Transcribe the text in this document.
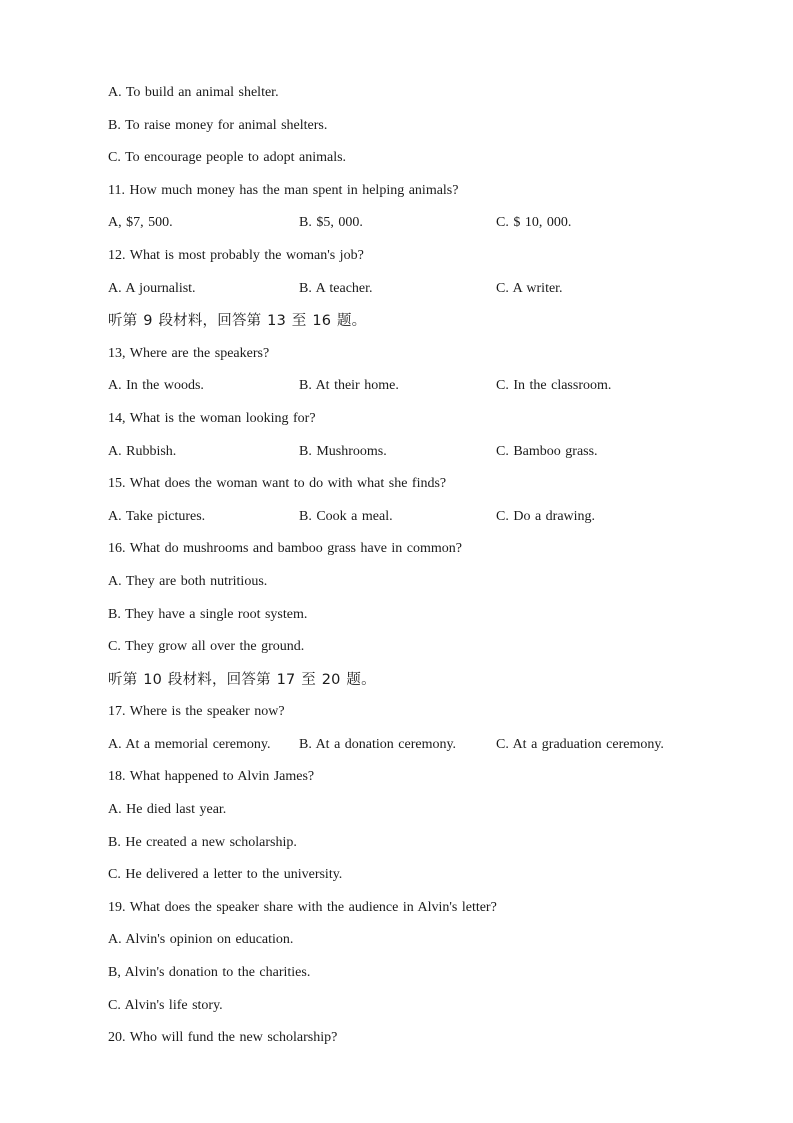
A. To build an animal shelter.
B. To raise money for animal shelters.
C. To encourage people to adopt animals.
11. How much money has the man spent in helping animals?
A, $7, 500.	B. $5, 000.	C. $ 10, 000.
12. What is most probably the woman's job?
A. A journalist.	B. A teacher.	C. A writer.
听第 9 段材料，回答第 13 至 16 题。
13, Where are the speakers?
A. In the woods.	B. At their home.	C. In the classroom.
14, What is the woman looking for?
A. Rubbish.	B. Mushrooms.	C. Bamboo grass.
15. What does the woman want to do with what she finds?
A. Take pictures.	B. Cook a meal.	C. Do a drawing.
16. What do mushrooms and bamboo grass have in common?
A. They are both nutritious.
B. They have a single root system.
C. They grow all over the ground.
听第 10 段材料，回答第 17 至 20 题。
17. Where is the speaker now?
A. At a memorial ceremony. B. At a donation ceremony.	C. At a graduation ceremony.
18. What happened to Alvin James?
A. He died last year.
B. He created a new scholarship.
C. He delivered a letter to the university.
19. What does the speaker share with the audience in Alvin's letter?
A. Alvin's opinion on education.
B, Alvin's donation to the charities.
C. Alvin's life story.
20. Who will fund the new scholarship?
